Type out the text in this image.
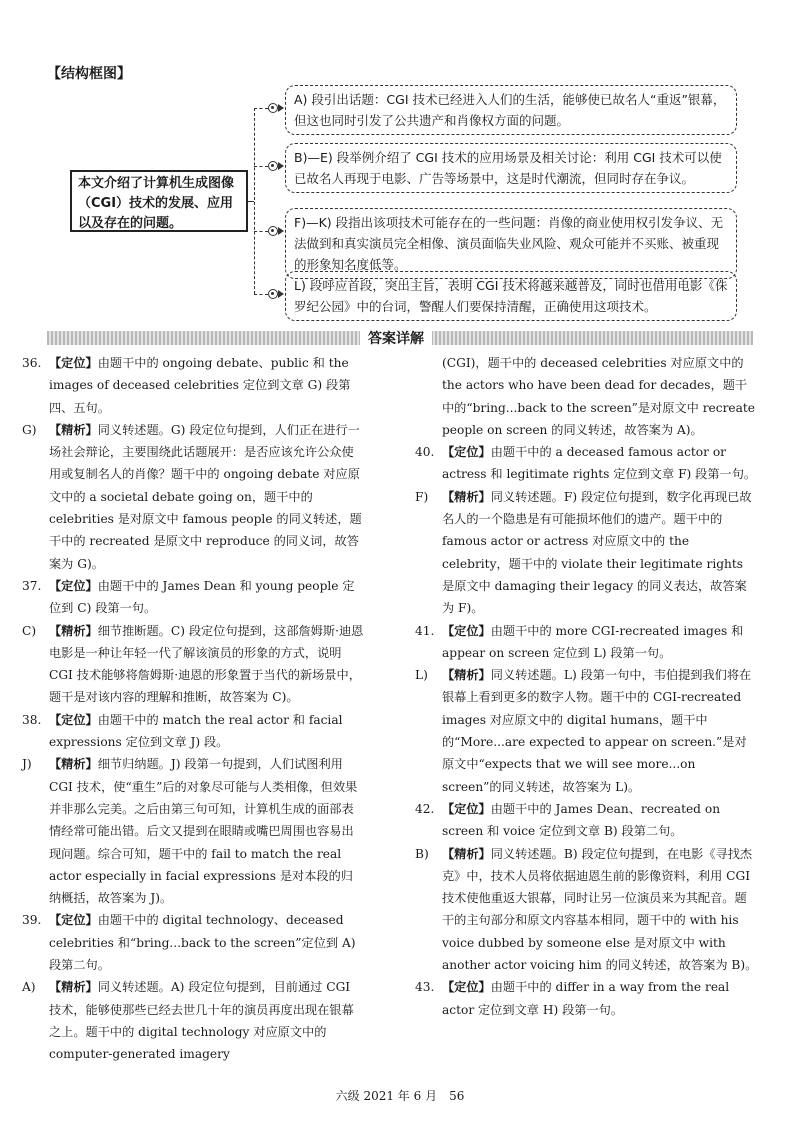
【结构框图】
本文介绍了计算机生成图像（CGI）技术的发展、应用以及存在的问题。
A) 段引出话题：CGI 技术已经进入人们的生活，能够使已故名人“重返”银幕，但这也同时引发了公共遗产和肖像权方面的问题。
B)—E) 段举例介绍了 CGI 技术的应用场景及相关讨论：利用 CGI 技术可以使已故名人再现于电影、广告等场景中，这是时代潮流，但同时存在争议。
F)—K) 段指出该项技术可能存在的一些问题：肖像的商业使用权引发争议、无法做到和真实演员完全相像、演员面临失业风险、观众可能并不买账、被重现的形象知名度低等。
L) 段呼应首段，突出主旨，表明 CGI 技术将越来越普及，同时也借用电影《侏罗纪公园》中的台词，警醒人们要保持清醒，正确使用这项技术。
答案详解

36. 【定位】由题干中的 ongoing debate、public 和 the images of deceased celebrities 定位到文章 G) 段第四、五句。

G) 【精析】同义转述题。G) 段定位句提到，人们正在进行一场社会辩论，主要围绕此话题展开：是否应该允许公众使用或复制名人的肖像？题干中的 ongoing debate 对应原文中的 a societal debate going on，题干中的 celebrities 是对原文中 famous people 的同义转述，题干中的 recreated 是原文中 reproduce 的同义词，故答案为 G)。

37. 【定位】由题干中的 James Dean 和 young people 定位到 C) 段第一句。

C) 【精析】细节推断题。C) 段定位句提到，这部詹姆斯·迪恩电影是一种让年轻一代了解该演员的形象的方式，说明 CGI 技术能够将詹姆斯·迪恩的形象置于当代的新场景中，题干是对该内容的理解和推断，故答案为 C)。

38. 【定位】由题干中的 match the real actor 和 facial expressions 定位到文章 J) 段。

J) 【精析】细节归纳题。J) 段第一句提到，人们试图利用 CGI 技术，使“重生”后的对象尽可能与人类相像，但效果并非那么完美。之后由第三句可知，计算机生成的面部表情经常可能出错。后文又提到在眼睛或嘴巴周围也容易出现问题。综合可知，题干中的 fail to match the real actor especially in facial expressions 是对本段的归纳概括，故答案为 J)。

39. 【定位】由题干中的 digital technology、deceased celebrities 和“bring...back to the screen”定位到 A) 段第二句。

A) 【精析】同义转述题。A) 段定位句提到，目前通过 CGI 技术，能够使那些已经去世几十年的演员再度出现在银幕之上。题干中的 digital technology 对应原文中的 computer-generated imagery

(CGI)，题干中的 deceased celebrities 对应原文中的 the actors who have been dead for decades，题干中的“bring...back to the screen”是对原文中 recreate people on screen 的同义转述，故答案为 A)。

40. 【定位】由题干中的 a deceased famous actor or actress 和 legitimate rights 定位到文章 F) 段第一句。

F) 【精析】同义转述题。F) 段定位句提到，数字化再现已故名人的一个隐患是有可能损坏他们的遗产。题干中的 famous actor or actress 对应原文中的 the celebrity，题干中的 violate their legitimate rights 是原文中 damaging their legacy 的同义表达，故答案为 F)。

41. 【定位】由题干中的 more CGI-recreated images 和 appear on screen 定位到 L) 段第一句。

L) 【精析】同义转述题。L) 段第一句中，韦伯提到我们将在银幕上看到更多的数字人物。题干中的 CGI-recreated images 对应原文中的 digital humans，题干中的“More...are expected to appear on screen.”是对原文中“expects that we will see more...on screen”的同义转述，故答案为 L)。

42. 【定位】由题干中的 James Dean、recreated on screen 和 voice 定位到文章 B) 段第二句。

B) 【精析】同义转述题。B) 段定位句提到，在电影《寻找杰克》中，技术人员将依据迪恩生前的影像资料，利用 CGI 技术使他重返大银幕，同时让另一位演员来为其配音。题干的主句部分和原文内容基本相同，题干中的 with his voice dubbed by someone else 是对原文中 with another actor voicing him 的同义转述，故答案为 B)。

43. 【定位】由题干中的 differ in a way from the real actor 定位到文章 H) 段第一句。

六级 2021 年 6 月　56
